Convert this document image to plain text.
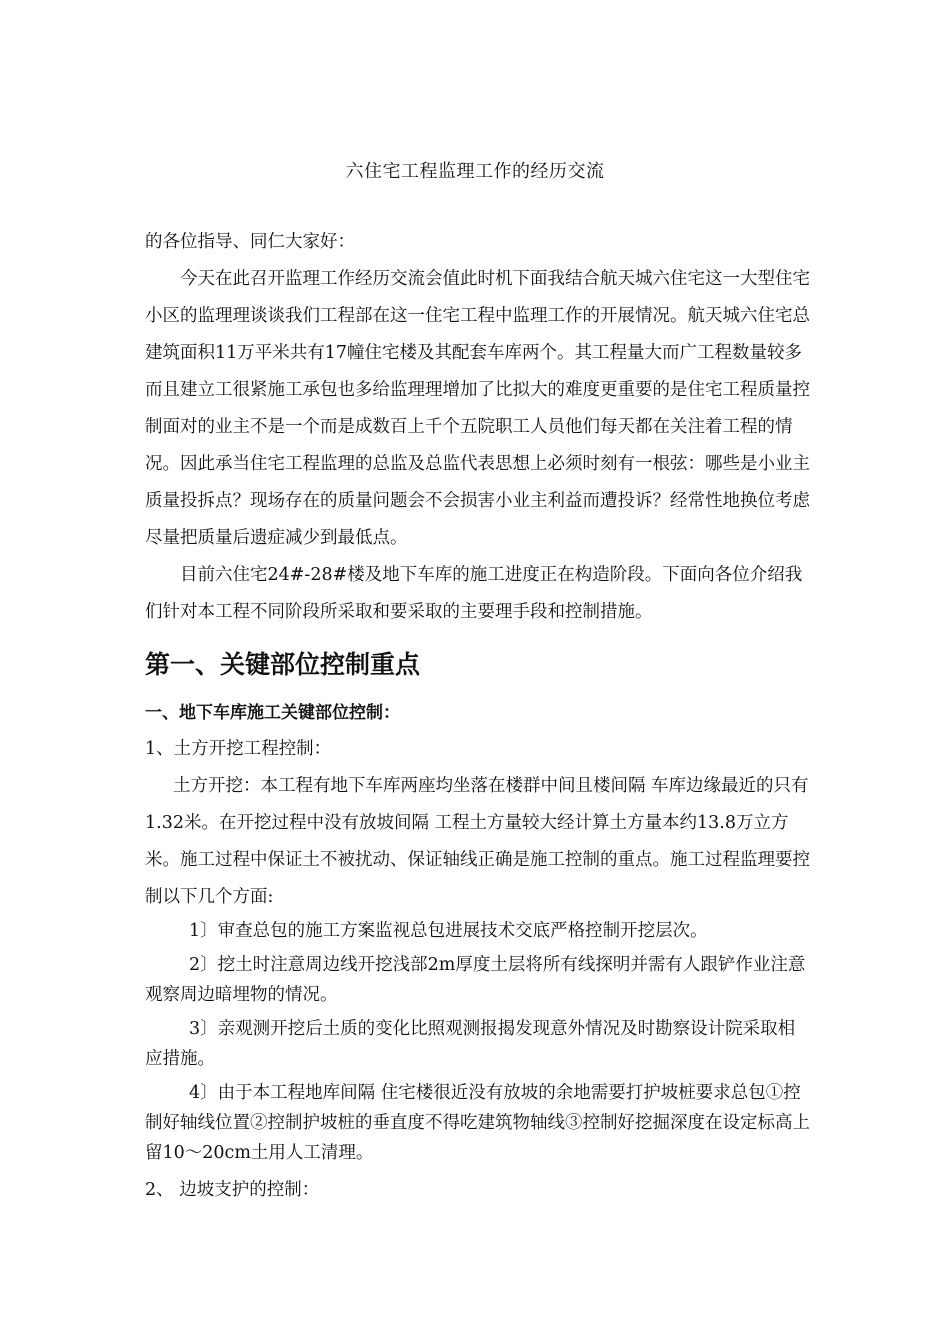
六住宅工程监理工作的经历交流

的各位指导、同仁大家好：

今天在此召开监理工作经历交流会值此时机下面我结合航天城六住宅这一大型住宅小区的监理理谈谈我们工程部在这一住宅工程中监理工作的开展情况。航天城六住宅总建筑面积11万平米共有17幢住宅楼及其配套车库两个。其工程量大而广工程数量较多而且建立工很紧施工承包也多给监理理增加了比拟大的难度更重要的是住宅工程质量控制面对的业主不是一个而是成数百上千个五院职工人员他们每天都在关注着工程的情况。因此承当住宅工程监理的总监及总监代表思想上必须时刻有一根弦：哪些是小业主质量投拆点？现场存在的质量问题会不会损害小业主利益而遭投诉？经常性地换位考虑尽量把质量后遗症减少到最低点。

目前六住宅24#-28#楼及地下车库的施工进度正在构造阶段。下面向各位介绍我们针对本工程不同阶段所采取和要采取的主要理手段和控制措施。

第一、关键部位控制重点

一、地下车库施工关键部位控制：

1、土方开挖工程控制：

土方开挖：本工程有地下车库两座均坐落在楼群中间且楼间隔 车库边缘最近的只有1.32米。在开挖过程中没有放坡间隔 工程土方量较大经计算土方量本约13.8万立方米。施工过程中保证土不被扰动、保证轴线正确是施工控制的重点。施工过程监理要控制以下几个方面:

1〕审查总包的施工方案监视总包进展技术交底严格控制开挖层次。

2〕挖土时注意周边线开挖浅部2m厚度土层将所有线探明并需有人跟铲作业注意观察周边暗埋物的情况。

3〕亲观测开挖后土质的变化比照观测报揭发现意外情况及时勘察设计院采取相应措施。

4〕由于本工程地库间隔 住宅楼很近没有放坡的余地需要打护坡桩要求总包①控制好轴线位置②控制护坡桩的垂直度不得吃建筑物轴线③控制好挖掘深度在设定标高上留10～20cm土用人工清理。

2、 边坡支护的控制：
